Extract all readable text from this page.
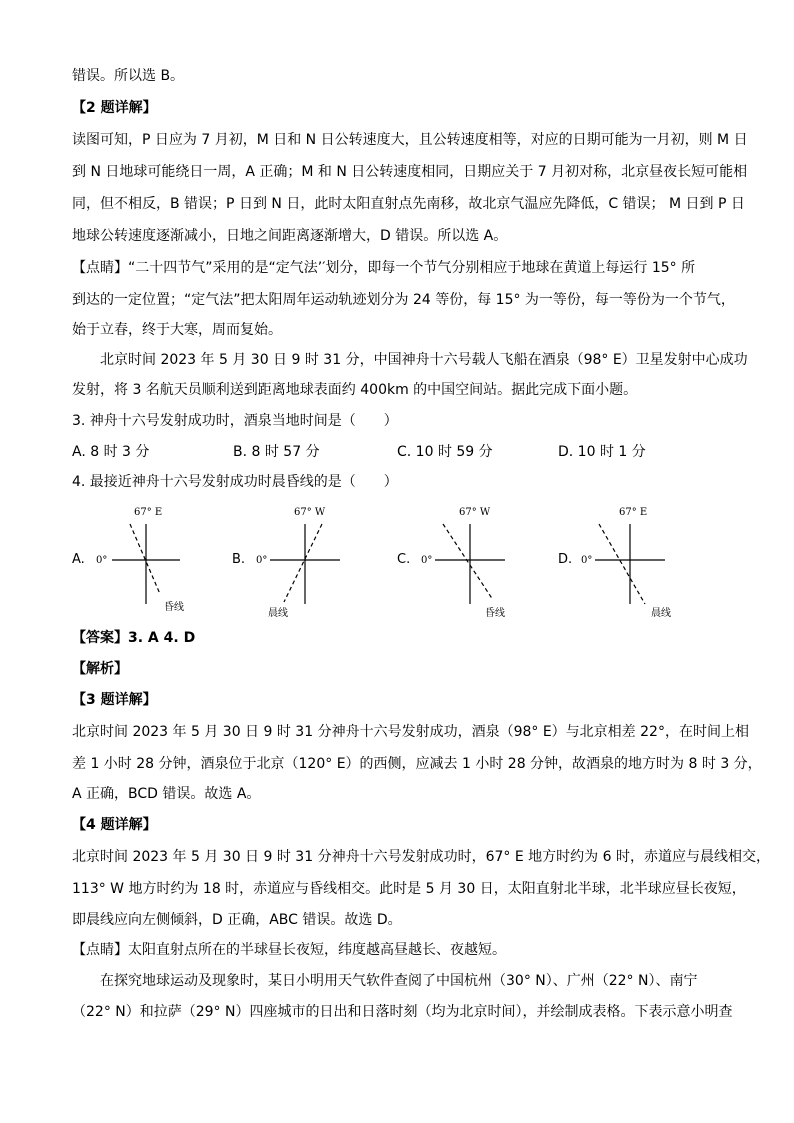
错误。所以选 B。
【2 题详解】
读图可知，P 日应为 7 月初，M 日和 N 日公转速度大，且公转速度相等，对应的日期可能为一月初，则 M 日
到 N 日地球可能绕日一周，A 正确；M 和 N 日公转速度相同，日期应关于 7 月初对称，北京昼夜长短可能相
同，但不相反，B 错误；P 日到 N 日，此时太阳直射点先南移，故北京气温应先降低，C 错误； M 日到 P 日
地球公转速度逐渐减小，日地之间距离逐渐增大，D 错误。所以选 A。
【点睛】“二十四节气”采用的是“定气法’′划分，即每一个节气分别相应于地球在黄道上每运行 15° 所
到达的一定位置；“定气法”把太阳周年运动轨迹划分为 24 等份，每 15° 为一等份，每一等份为一个节气，
始于立春，终于大寒，周而复始。
北京时间 2023 年 5 月 30 日 9 时 31 分，中国神舟十六号载人飞船在酒泉（98° E）卫星发射中心成功
发射，将 3 名航天员顺利送到距离地球表面约 400km 的中国空间站。据此完成下面小题。
3. 神舟十六号发射成功时，酒泉当地时间是（　　）
A. 8 时 3 分	B. 8 时 57 分	C. 10 时 59 分	D. 10 时 1 分
4. 最接近神舟十六号发射成功时晨昏线的是（　　）
A.	B.	C.	D.
67° E
0°
昏线
67° W
0°
晨线
67° W
0°
昏线
67° E
0°
晨线
【答案】3. A 4. D
【解析】
【3 题详解】
北京时间 2023 年 5 月 30 日 9 时 31 分神舟十六号发射成功，酒泉（98° E）与北京相差 22°，在时间上相
差 1 小时 28 分钟，酒泉位于北京（120° E）的西侧，应减去 1 小时 28 分钟，故酒泉的地方时为 8 时 3 分，
A 正确，BCD 错误。故选 A。
【4 题详解】
北京时间 2023 年 5 月 30 日 9 时 31 分神舟十六号发射成功时，67° E 地方时约为 6 时，赤道应与晨线相交，
113° W 地方时约为 18 时，赤道应与昏线相交。此时是 5 月 30 日，太阳直射北半球，北半球应昼长夜短，
即晨线应向左侧倾斜，D 正确，ABC 错误。故选 D。
【点睛】太阳直射点所在的半球昼长夜短，纬度越高昼越长、夜越短。
在探究地球运动及现象时，某日小明用天气软件查阅了中国杭州（30° N）、广州（22° N）、南宁
（22° N）和拉萨（29° N）四座城市的日出和日落时刻（均为北京时间），并绘制成表格。下表示意小明查
